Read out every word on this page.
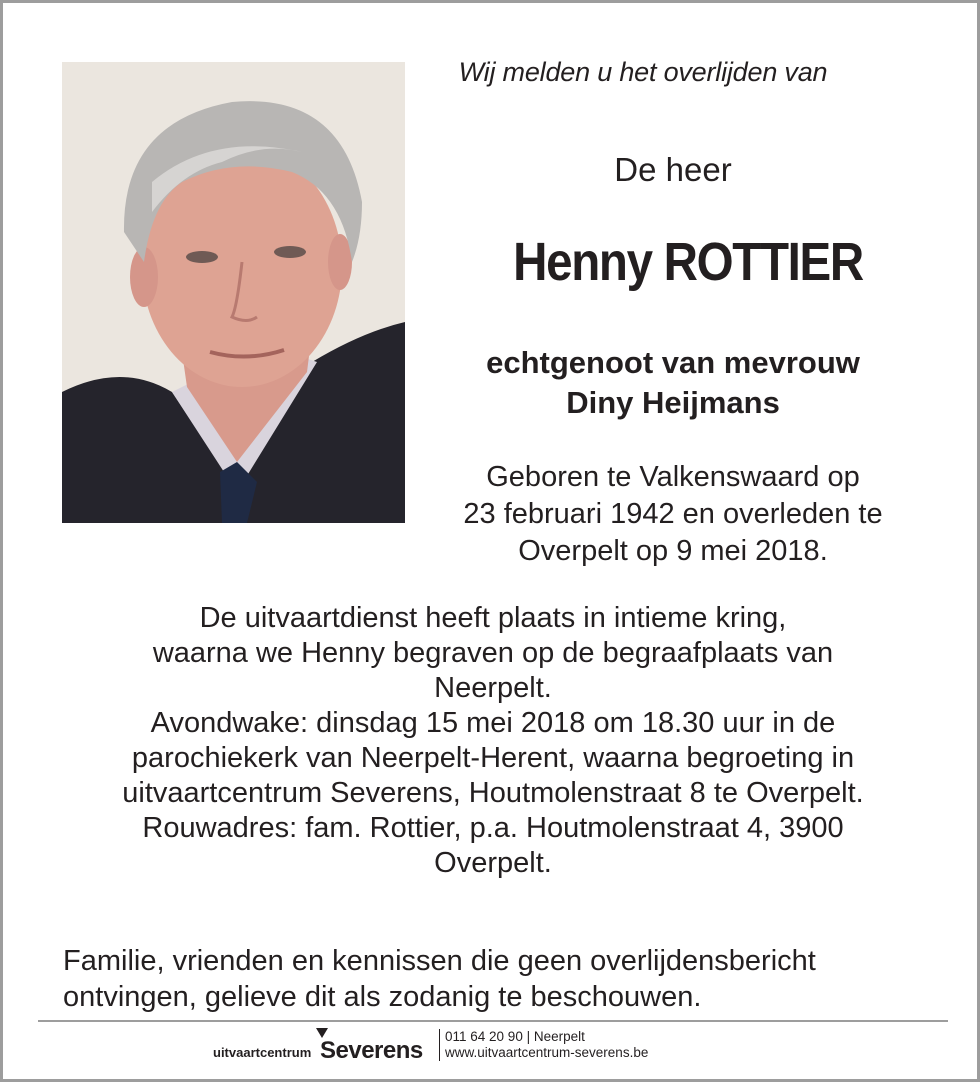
Wij melden u het overlijden van
De heer
Henny ROTTIER
echtgenoot van mevrouw
Diny Heijmans
Geboren te Valkenswaard op
23 februari 1942 en overleden te
Overpelt op 9 mei 2018.
De uitvaartdienst heeft plaats in intieme kring,
waarna we Henny begraven op de begraafplaats van
Neerpelt.
Avondwake: dinsdag 15 mei 2018 om 18.30 uur in de
parochiekerk van Neerpelt-Herent, waarna begroeting in
uitvaartcentrum Severens, Houtmolenstraat 8 te Overpelt.
Rouwadres: fam. Rottier, p.a. Houtmolenstraat 4, 3900
Overpelt.
Familie, vrienden en kennissen die geen overlijdensbericht
ontvingen, gelieve dit als zodanig te beschouwen.
uitvaartcentrum Severens
011 64 20 90 | Neerpelt
www.uitvaartcentrum-severens.be
